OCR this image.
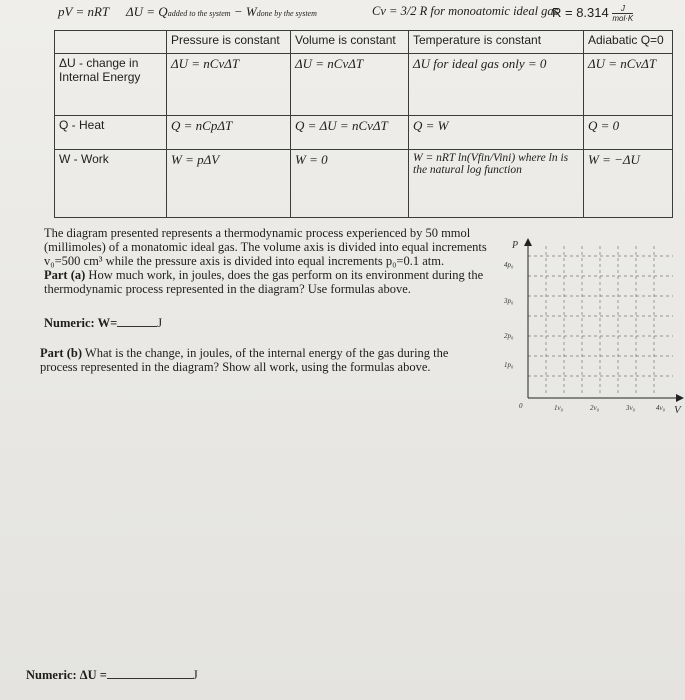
pV = nRT ΔU = Qadded to the system − Wdone by the system	Cv = 3/2 R for monoatomic ideal gas
R = 8.314	J
mol·K
	Pressure is constant	Volume is constant	Temperature is constant	Adiabatic Q=0
ΔU - change in Internal Energy	ΔU = nCvΔT	ΔU = nCvΔT	ΔU for ideal gas only = 0	ΔU = nCvΔT
Q - Heat	Q = nCpΔT	Q = ΔU = nCvΔT	Q = W	Q = 0
W - Work	W = pΔV	W = 0	W = nRT ln(Vfin/Vini) where ln is the natural log function	W = −ΔU

The diagram presented represents a thermodynamic process experienced by 50 mmol (millimoles) of a monatomic ideal gas. The volume axis is divided into equal increments v₀=500 cm³ while the pressure axis is divided into equal increments p₀=0.1 atm.

Part (a) How much work, in joules, does the gas perform on its environment during the thermodynamic process represented in the diagram? Use formulas above.

Numeric: W=	J
Part (b) What is the change, in joules, of the internal energy of the gas during the process represented in the diagram? Show all work, using the formulas above.
Numeric: ΔU =	J
4p₀
3p₀
2p₀
1p₀
1v₀	2v₀	3v₀	4v₀
0
P
V
